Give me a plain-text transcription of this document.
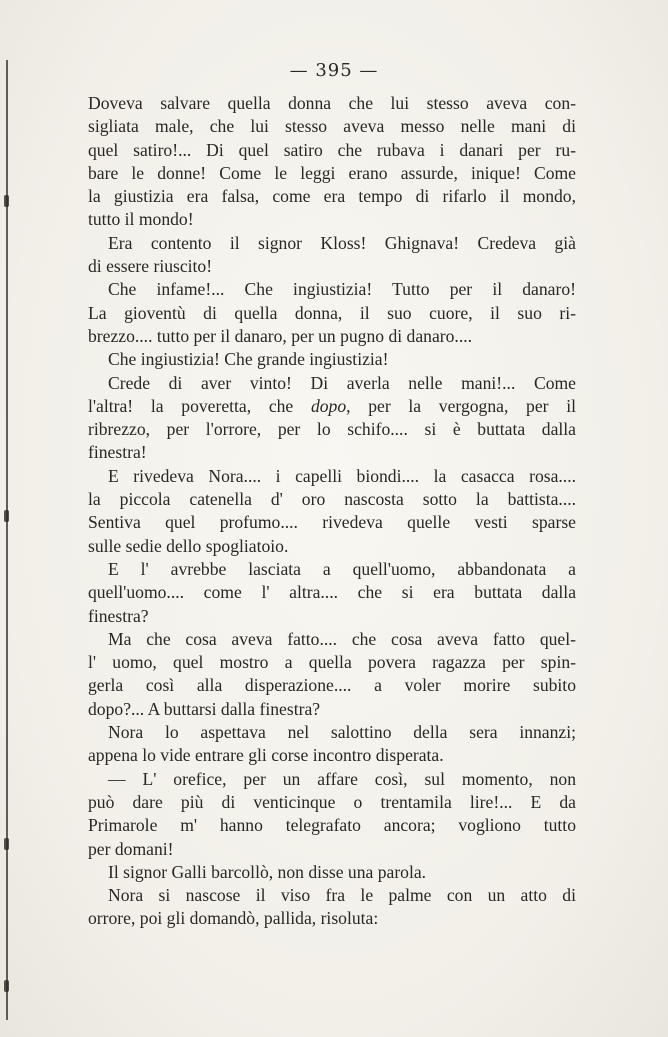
— 395 —

Doveva salvare quella donna che lui stesso aveva con-

sigliata male, che lui stesso aveva messo nelle mani di

quel satiro!... Di quel satiro che rubava i danari per ru-

bare le donne! Come le leggi erano assurde, inique! Come

la giustizia era falsa, come era tempo di rifarlo il mondo,

tutto il mondo!

Era contento il signor Kloss! Ghignava! Credeva già

di essere riuscito!

Che infame!... Che ingiustizia! Tutto per il danaro!

La gioventù di quella donna, il suo cuore, il suo ri-

brezzo.... tutto per il danaro, per un pugno di danaro....

Che ingiustizia! Che grande ingiustizia!

Crede di aver vinto! Di averla nelle mani!... Come

l'altra! la poveretta, che dopo, per la vergogna, per il

ribrezzo, per l'orrore, per lo schifo.... si è buttata dalla

finestra!

E rivedeva Nora.... i capelli biondi.... la casacca rosa....

la piccola catenella d' oro nascosta sotto la battista....

Sentiva quel profumo.... rivedeva quelle vesti sparse

sulle sedie dello spogliatoio.

E l' avrebbe lasciata a quell'uomo, abbandonata a

quell'uomo.... come l' altra.... che si era buttata dalla

finestra?

Ma che cosa aveva fatto.... che cosa aveva fatto quel-

l' uomo, quel mostro a quella povera ragazza per spin-

gerla così alla disperazione.... a voler morire subito

dopo?... A buttarsi dalla finestra?

Nora lo aspettava nel salottino della sera innanzi;

appena lo vide entrare gli corse incontro disperata.

— L' orefice, per un affare così, sul momento, non

può dare più di venticinque o trentamila lire!... E da

Primarole m' hanno telegrafato ancora; vogliono tutto

per domani!

Il signor Galli barcollò, non disse una parola.

Nora si nascose il viso fra le palme con un atto di

orrore, poi gli domandò, pallida, risoluta:
